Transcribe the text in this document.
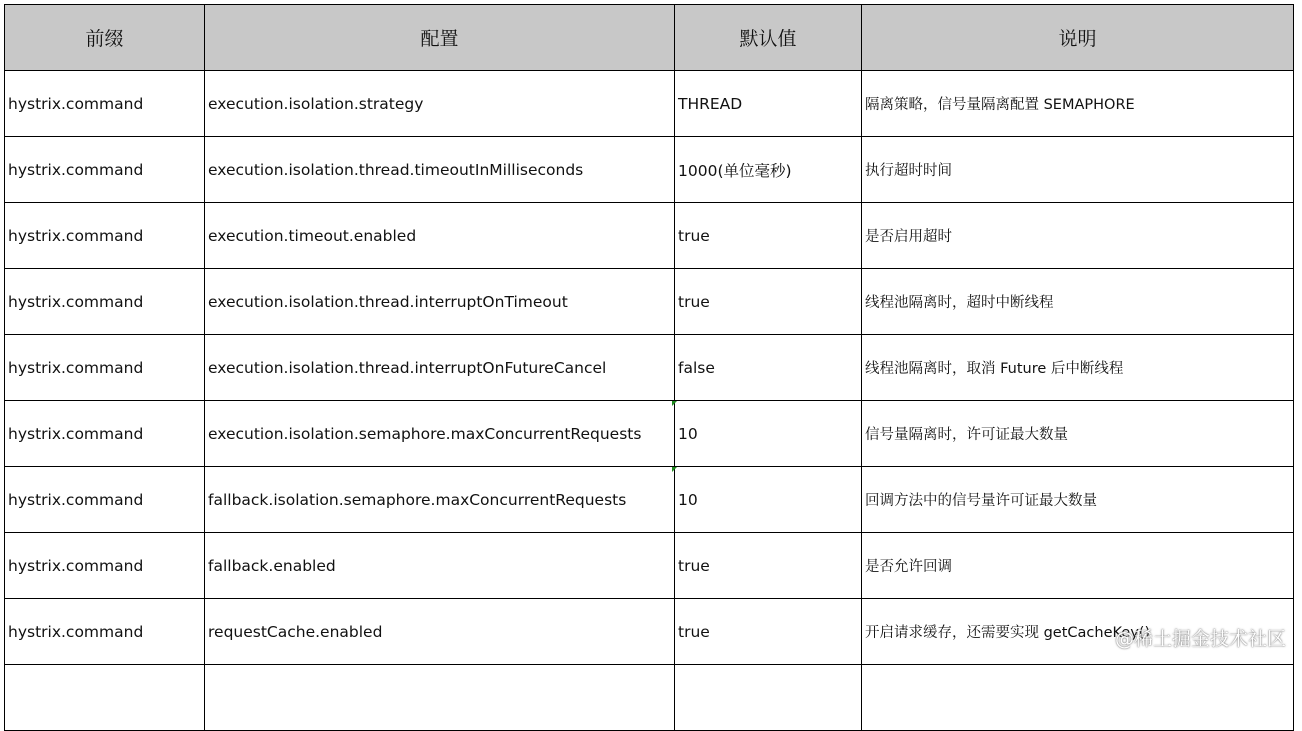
前缀	配置	默认值	说明
hystrix.command	execution.isolation.strategy	THREAD	隔离策略，信号量隔离配置 SEMAPHORE
hystrix.command	execution.isolation.thread.timeoutInMilliseconds	1000(单位毫秒)	执行超时时间
hystrix.command	execution.timeout.enabled	true	是否启用超时
hystrix.command	execution.isolation.thread.interruptOnTimeout	true	线程池隔离时，超时中断线程
hystrix.command	execution.isolation.thread.interruptOnFutureCancel	false	线程池隔离时，取消 Future 后中断线程
hystrix.command	execution.isolation.semaphore.maxConcurrentRequests	10	信号量隔离时，许可证最大数量
hystrix.command	fallback.isolation.semaphore.maxConcurrentRequests	10	回调方法中的信号量许可证最大数量
hystrix.command	fallback.enabled	true	是否允许回调
hystrix.command	requestCache.enabled	true	开启请求缓存，还需要实现 getCacheKey()

@稀土掘金技术社区
